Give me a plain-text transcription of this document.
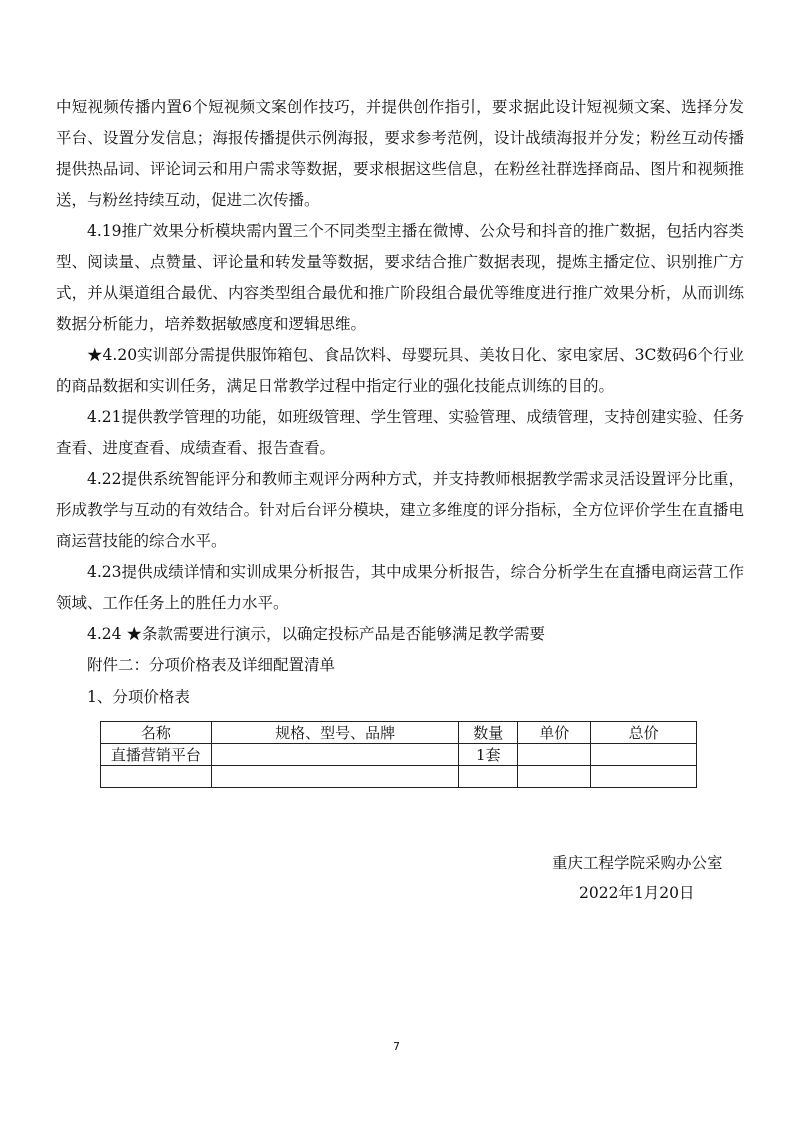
中短视频传播内置6个短视频文案创作技巧，并提供创作指引，要求据此设计短视频文案、选择分发平台、设置分发信息；海报传播提供示例海报，要求参考范例，设计战绩海报并分发；粉丝互动传播提供热品词、评论词云和用户需求等数据，要求根据这些信息，在粉丝社群选择商品、图片和视频推送，与粉丝持续互动，促进二次传播。

4.19推广效果分析模块需内置三个不同类型主播在微博、公众号和抖音的推广数据，包括内容类型、阅读量、点赞量、评论量和转发量等数据，要求结合推广数据表现，提炼主播定位、识别推广方式，并从渠道组合最优、内容类型组合最优和推广阶段组合最优等维度进行推广效果分析，从而训练数据分析能力，培养数据敏感度和逻辑思维。

★4.20实训部分需提供服饰箱包、食品饮料、母婴玩具、美妆日化、家电家居、3C数码6个行业的商品数据和实训任务，满足日常教学过程中指定行业的强化技能点训练的目的。

4.21提供教学管理的功能，如班级管理、学生管理、实验管理、成绩管理，支持创建实验、任务查看、进度查看、成绩查看、报告查看。

4.22提供系统智能评分和教师主观评分两种方式，并支持教师根据教学需求灵活设置评分比重，形成教学与互动的有效结合。针对后台评分模块，建立多维度的评分指标，全方位评价学生在直播电商运营技能的综合水平。

4.23提供成绩详情和实训成果分析报告，其中成果分析报告，综合分析学生在直播电商运营工作领域、工作任务上的胜任力水平。

4.24 ★条款需要进行演示，以确定投标产品是否能够满足教学需要

附件二：分项价格表及详细配置清单

1、分项价格表

名称	规格、型号、品牌	数量	单价	总价
直播营销平台		1套		

重庆工程学院采购办公室
2022年1月20日
7
